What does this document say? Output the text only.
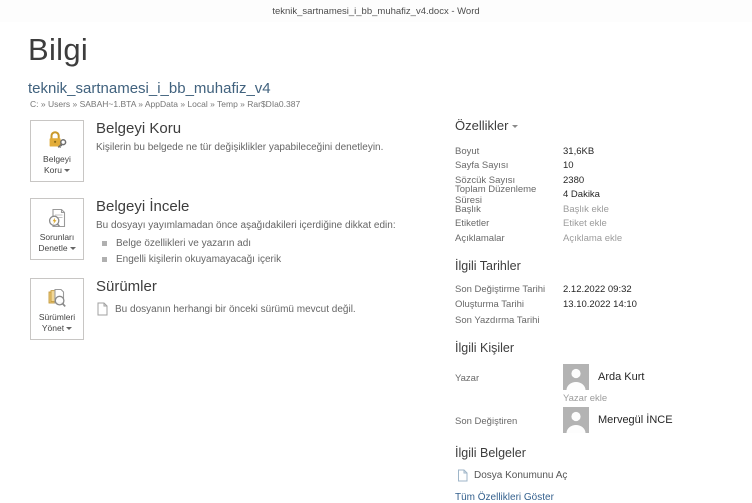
teknik_sartnamesi_i_bb_muhafiz_v4.docx - Word
Bilgi
teknik_sartnamesi_i_bb_muhafiz_v4
C: » Users » SABAH~1.BTA » AppData » Local » Temp » Rar$DIa0.387
Belgeyi
Koru
Belgeyi Koru

Kişilerin bu belgede ne tür değişiklikler yapabileceğini denetleyin.

Sorunları
Denetle
Belgeyi İncele

Bu dosyayı yayımlamadan önce aşağıdakileri içerdiğine dikkat edin:

Belge özellikleri ve yazarın adı
Engelli kişilerin okuyamayacağı içerik
Sürümleri
Yönet
Sürümler
Bu dosyanın herhangi bir önceki sürümü mevcut değil.
Özellikler
Boyut	31,6KB
Sayfa Sayısı	10
Sözcük Sayısı	2380
Toplam Düzenleme Süresi	4 Dakika
Başlık	Başlık ekle
Etiketler	Etiket ekle
Açıklamalar	Açıklama ekle
İlgili Tarihler
Son Değiştirme Tarihi	2.12.2022 09:32
Oluşturma Tarihi	13.10.2022 14:10
Son Yazdırma Tarihi
İlgili Kişiler
Yazar	Arda Kurt
Yazar ekle
Son Değiştiren	Mervegül İNCE
İlgili Belgeler
Dosya Konumunu Aç
Tüm Özellikleri Göster
